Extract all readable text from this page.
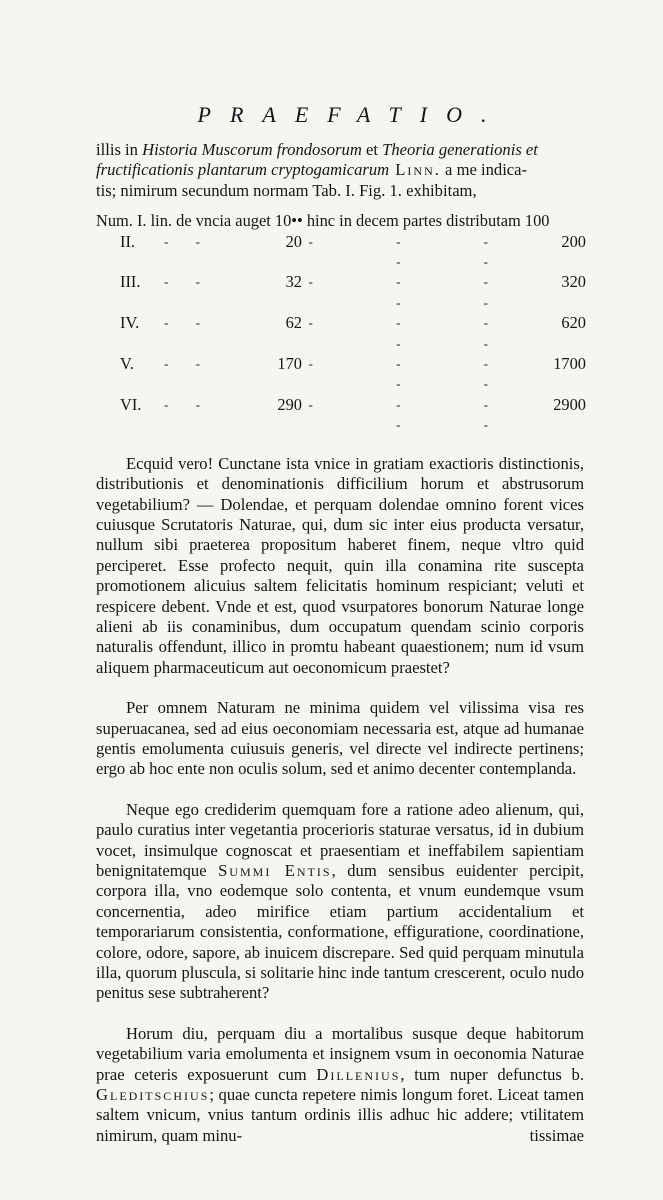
PRAEFATIO.
illis in Historia Muscorum frondosorum et Theoria generationis et
fructificationis plantarum cryptogamicarum Linn. a me indica-
tis; nimirum secundum normam Tab. I. Fig. 1. exhibitam,
Num. I. lin. de vncia auget 10•• hinc in decem partes distributam 100				
II.	- -	20	- - - - -	200
III.	- -	32	- - - - -	320
IV.	- -	62	- - - - -	620
V.	- -	170	- - - - -	1700
VI.	- -	290	- - - - -	2900

Ecquid vero! Cunctane ista vnice in gratiam exactioris distinctionis, distributionis et denominationis difficilium horum et abstrusorum vegetabilium? — Dolendae, et perquam dolendae omnino forent vices cuiusque Scrutatoris Naturae, qui, dum sic inter eius producta versatur, nullum sibi praeterea propositum haberet finem, neque vltro quid perciperet. Esse profecto nequit, quin illa conamina rite suscepta promotionem alicuius saltem felicitatis hominum respiciant; veluti et respicere debent. Vnde et est, quod vsurpatores bonorum Naturae longe alieni ab iis conaminibus, dum occupatum quendam scinio corporis naturalis offendunt, illico in promtu habeant quaestionem; num id vsum aliquem pharmaceuticum aut oeconomicum praestet?

Per omnem Naturam ne minima quidem vel vilissima visa res superuacanea, sed ad eius oeconomiam necessaria est, atque ad humanae gentis emolumenta cuiusuis generis, vel directe vel indirecte pertinens; ergo ab hoc ente non oculis solum, sed et animo decenter contemplanda.

Neque ego crediderim quemquam fore a ratione adeo alienum, qui, paulo curatius inter vegetantia procerioris staturae versatus, id in dubium vocet, insimulque cognoscat et praesentiam et ineffabilem sapientiam benignitatemque Summi Entis, dum sensibus euidenter percipit, corpora illa, vno eodemque solo contenta, et vnum eundemque vsum concernentia, adeo mirifice etiam partium accidentalium et temporariarum consistentia, conformatione, effiguratione, coordinatione, colore, odore, sapore, ab inuicem discrepare. Sed quid perquam minutula illa, quorum pluscula, si solitarie hinc inde tantum crescerent, oculo nudo penitus sese subtraherent?

Horum diu, perquam diu a mortalibus susque deque habitorum vegetabilium varia emolumenta et insignem vsum in oeconomia Naturae prae ceteris exposuerunt cum Dillenius, tum nuper defunctus b. Gleditschius; quae cuncta repetere nimis longum foret. Liceat tamen saltem vnicum, vnius tantum ordinis illis adhuc hic addere; vtilitatem nimirum, quam minu-	tissimae
